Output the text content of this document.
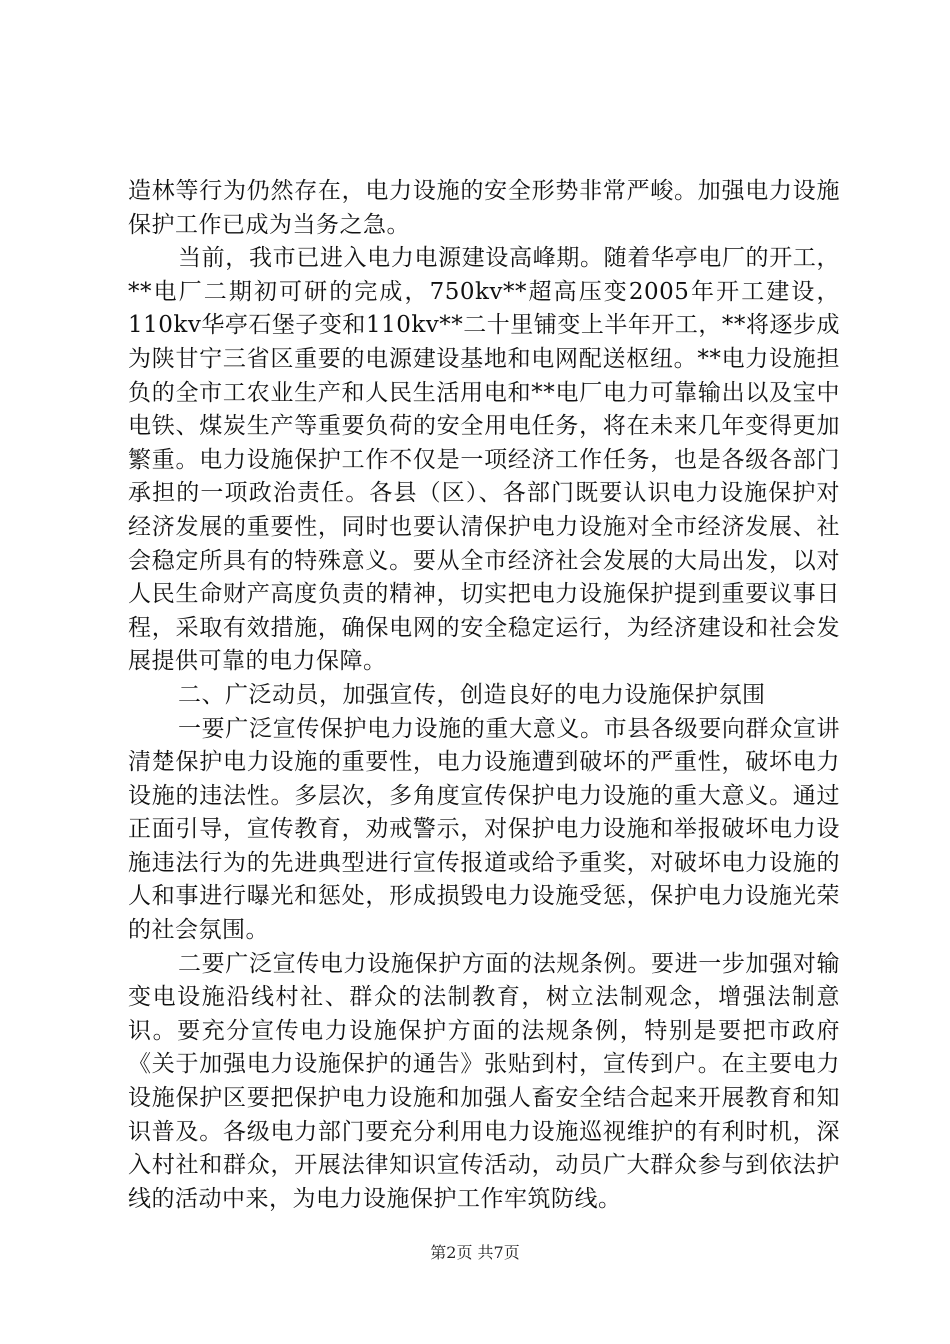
造林等行为仍然存在，电力设施的安全形势非常严峻。加强电力设施保护工作已成为当务之急。

当前，我市已进入电力电源建设高峰期。随着华亭电厂的开工，**电厂二期初可研的完成，750kv**超高压变2005年开工建设，110kv华亭石堡子变和110kv**二十里铺变上半年开工，**将逐步成为陕甘宁三省区重要的电源建设基地和电网配送枢纽。**电力设施担负的全市工农业生产和人民生活用电和**电厂电力可靠输出以及宝中电铁、煤炭生产等重要负荷的安全用电任务，将在未来几年变得更加繁重。电力设施保护工作不仅是一项经济工作任务，也是各级各部门承担的一项政治责任。各县（区）、各部门既要认识电力设施保护对经济发展的重要性，同时也要认清保护电力设施对全市经济发展、社会稳定所具有的特殊意义。要从全市经济社会发展的大局出发，以对人民生命财产高度负责的精神，切实把电力设施保护提到重要议事日程，采取有效措施，确保电网的安全稳定运行，为经济建设和社会发展提供可靠的电力保障。

二、广泛动员，加强宣传，创造良好的电力设施保护氛围

一要广泛宣传保护电力设施的重大意义。市县各级要向群众宣讲清楚保护电力设施的重要性，电力设施遭到破坏的严重性，破坏电力设施的违法性。多层次，多角度宣传保护电力设施的重大意义。通过正面引导，宣传教育，劝戒警示，对保护电力设施和举报破坏电力设施违法行为的先进典型进行宣传报道或给予重奖，对破坏电力设施的人和事进行曝光和惩处，形成损毁电力设施受惩，保护电力设施光荣的社会氛围。

二要广泛宣传电力设施保护方面的法规条例。要进一步加强对输变电设施沿线村社、群众的法制教育，树立法制观念，增强法制意识。要充分宣传电力设施保护方面的法规条例，特别是要把市政府《关于加强电力设施保护的通告》张贴到村，宣传到户。在主要电力设施保护区要把保护电力设施和加强人畜安全结合起来开展教育和知识普及。各级电力部门要充分利用电力设施巡视维护的有利时机，深入村社和群众，开展法律知识宣传活动，动员广大群众参与到依法护线的活动中来，为电力设施保护工作牢筑防线。

第2页 共7页
